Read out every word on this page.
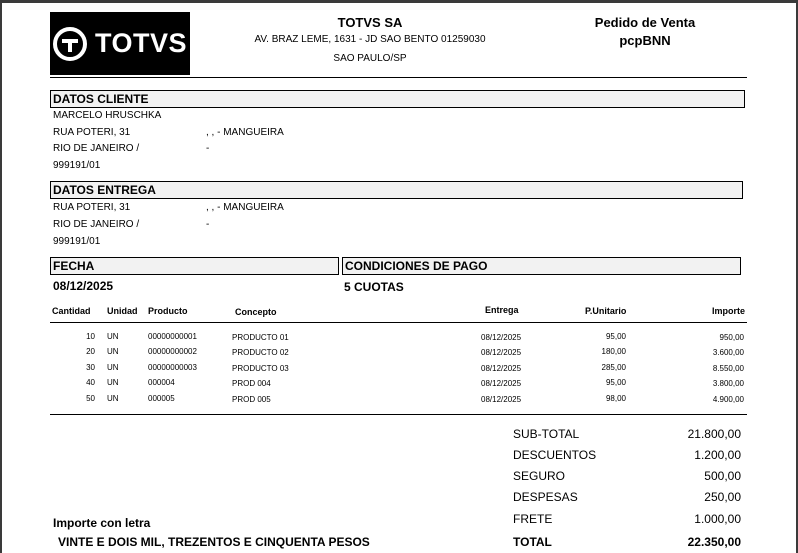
TOTVS
TOTVS SA
AV. BRAZ LEME, 1631 - JD SAO BENTO 01259030
SAO PAULO/SP
Pedido de Venta
pcpBNN
DATOS CLIENTE
MARCELO HRUSCHKA
RUA POTERI, 31	, , - MANGUEIRA
RIO DE JANEIRO /	-
999191/01
DATOS ENTREGA
RUA POTERI, 31	, , - MANGUEIRA
RIO DE JANEIRO /	-
999191/01
FECHA	CONDICIONES DE PAGO
08/12/2025	5 CUOTAS
Cantidad Unidad Producto	Concepto	Entrega	P.Unitario	Importe
10 UN	00000000001	PRODUCTO 01	08/12/2025	95,00	950,00
20 UN	00000000002	PRODUCTO 02	08/12/2025	180,00	3.600,00
30 UN	00000000003	PRODUCTO 03	08/12/2025	285,00	8.550,00
40 UN	000004	PROD 004	08/12/2025	95,00	3.800,00
50 UN	000005	PROD 005	08/12/2025	98,00	4.900,00
SUB-TOTAL	21.800,00
DESCUENTOS	1.200,00
SEGURO	500,00
DESPESAS	250,00
FRETE	1.000,00
TOTAL	22.350,00
Importe con letra
VINTE E DOIS MIL, TREZENTOS E CINQUENTA PESOS
